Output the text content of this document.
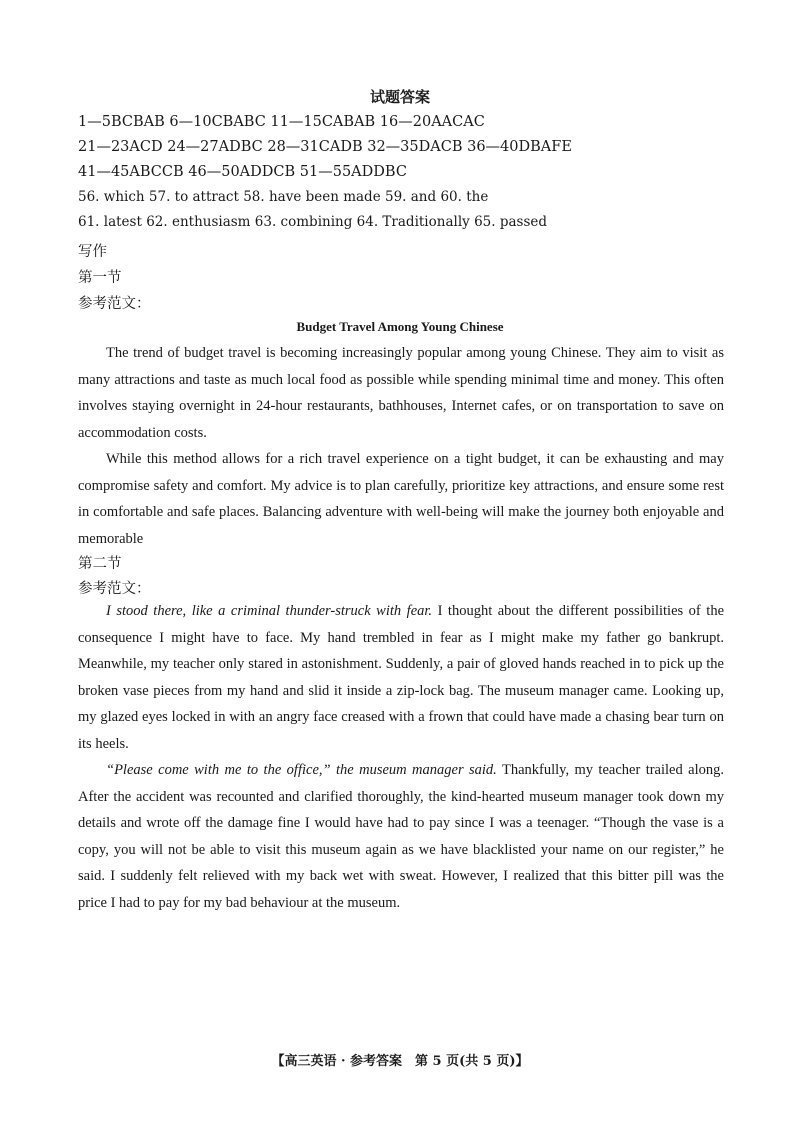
试题答案
1—5BCBAB 6—10CBABC 11—15CABAB 16—20AACAC
21—23ACD 24—27ADBC 28—31CADB 32—35DACB 36—40DBAFE
41—45ABCCB 46—50ADDCB 51—55ADDBC
56. which 57. to attract 58. have been made 59. and 60. the
61. latest 62. enthusiasm 63. combining 64. Traditionally 65. passed
写作
第一节
参考范文：
Budget Travel Among Young Chinese

The trend of budget travel is becoming increasingly popular among young Chinese. They aim to visit as many attractions and taste as much local food as possible while spending minimal time and money. This often involves staying overnight in 24-hour restaurants, bathhouses, Internet cafes, or on transportation to save on accommodation costs.

While this method allows for a rich travel experience on a tight budget, it can be exhausting and may compromise safety and comfort. My advice is to plan carefully, prioritize key attractions, and ensure some rest in comfortable and safe places. Balancing adventure with well-being will make the journey both enjoyable and memorable

第二节
参考范文：

I stood there, like a criminal thunder-struck with fear. I thought about the different possibilities of the consequence I might have to face. My hand trembled in fear as I might make my father go bankrupt. Meanwhile, my teacher only stared in astonishment. Suddenly, a pair of gloved hands reached in to pick up the broken vase pieces from my hand and slid it inside a zip-lock bag. The museum manager came. Looking up, my glazed eyes locked in with an angry face creased with a frown that could have made a chasing bear turn on its heels.

“Please come with me to the office,” the museum manager said. Thankfully, my teacher trailed along. After the accident was recounted and clarified thoroughly, the kind-hearted museum manager took down my details and wrote off the damage fine I would have had to pay since I was a teenager. “Though the vase is a copy, you will not be able to visit this museum again as we have blacklisted your name on our register,” he said. I suddenly felt relieved with my back wet with sweat. However, I realized that this bitter pill was the price I had to pay for my bad behaviour at the museum.

【高三英语 · 参考答案　第 5 页(共 5 页)】
